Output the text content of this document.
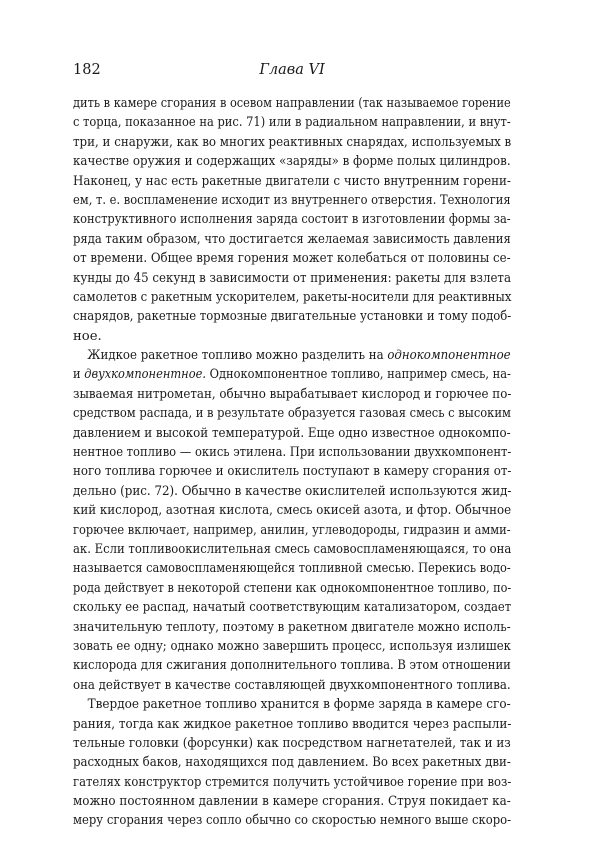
182	Глава VI
дить в камере сгорания в осевом направлении (так называемое горение
с торца, показанное на рис. 71) или в радиальном направлении, и внут-
три, и снаружи, как во многих реактивных снарядах, используемых в
качестве оружия и содержащих «заряды» в форме полых цилиндров.
Наконец, у нас есть ракетные двигатели с чисто внутренним горени-
ем, т. е. воспламенение исходит из внутреннего отверстия. Технология
конструктивного исполнения заряда состоит в изготовлении формы за-
ряда таким образом, что достигается желаемая зависимость давления
от времени. Общее время горения может колебаться от половины се-
кунды до 45 секунд в зависимости от применения: ракеты для взлета
самолетов с ракетным ускорителем, ракеты-носители для реактивных
снарядов, ракетные тормозные двигательные установки и тому подоб-
ное.
Жидкое ракетное топливо можно разделить на однокомпонентное
и двухкомпонентное. Однокомпонентное топливо, например смесь, на-
зываемая нитрометан, обычно вырабатывает кислород и горючее по-
средством распада, и в результате образуется газовая смесь с высоким
давлением и высокой температурой. Еще одно известное однокомпо-
нентное топливо — окись этилена. При использовании двухкомпонент-
ного топлива горючее и окислитель поступают в камеру сгорания от-
дельно (рис. 72). Обычно в качестве окислителей используются жид-
кий кислород, азотная кислота, смесь окисей азота, и фтор. Обычное
горючее включает, например, анилин, углеводороды, гидразин и амми-
ак. Если топливоокислительная смесь самовоспламеняющаяся, то она
называется самовоспламеняющейся топливной смесью. Перекись водо-
рода действует в некоторой степени как однокомпонентное топливо, по-
скольку ее распад, начатый соответствующим катализатором, создает
значительную теплоту, поэтому в ракетном двигателе можно исполь-
зовать ее одну; однако можно завершить процесс, используя излишек
кислорода для сжигания дополнительного топлива. В этом отношении
она действует в качестве составляющей двухкомпонентного топлива.
Твердое ракетное топливо хранится в форме заряда в камере сго-
рания, тогда как жидкое ракетное топливо вводится через распыли-
тельные головки (форсунки) как посредством нагнетателей, так и из
расходных баков, находящихся под давлением. Во всех ракетных дви-
гателях конструктор стремится получить устойчивое горение при воз-
можно постоянном давлении в камере сгорания. Струя покидает ка-
меру сгорания через сопло обычно со скоростью немного выше скоро-
